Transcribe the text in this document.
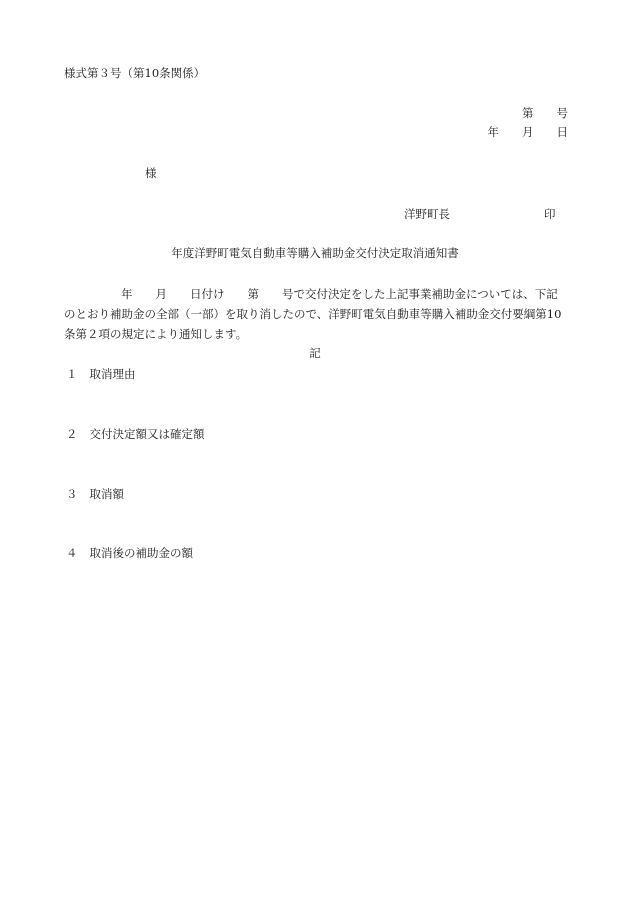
様式第３号（第10条関係）
第　　号
年　　月　　日
様
洋野町長	印
年度洋野町電気自動車等購入補助金交付決定取消通知書
年 月 日付け 第 号で交付決定をした上記事業補助金については、下記
のとおり補助金の全部（一部）を取り消したので、洋野町電気自動車等購入補助金交付要綱第10
条第２項の規定により通知します。
記
１ 取消理由
２ 交付決定額又は確定額
３ 取消額
４ 取消後の補助金の額
